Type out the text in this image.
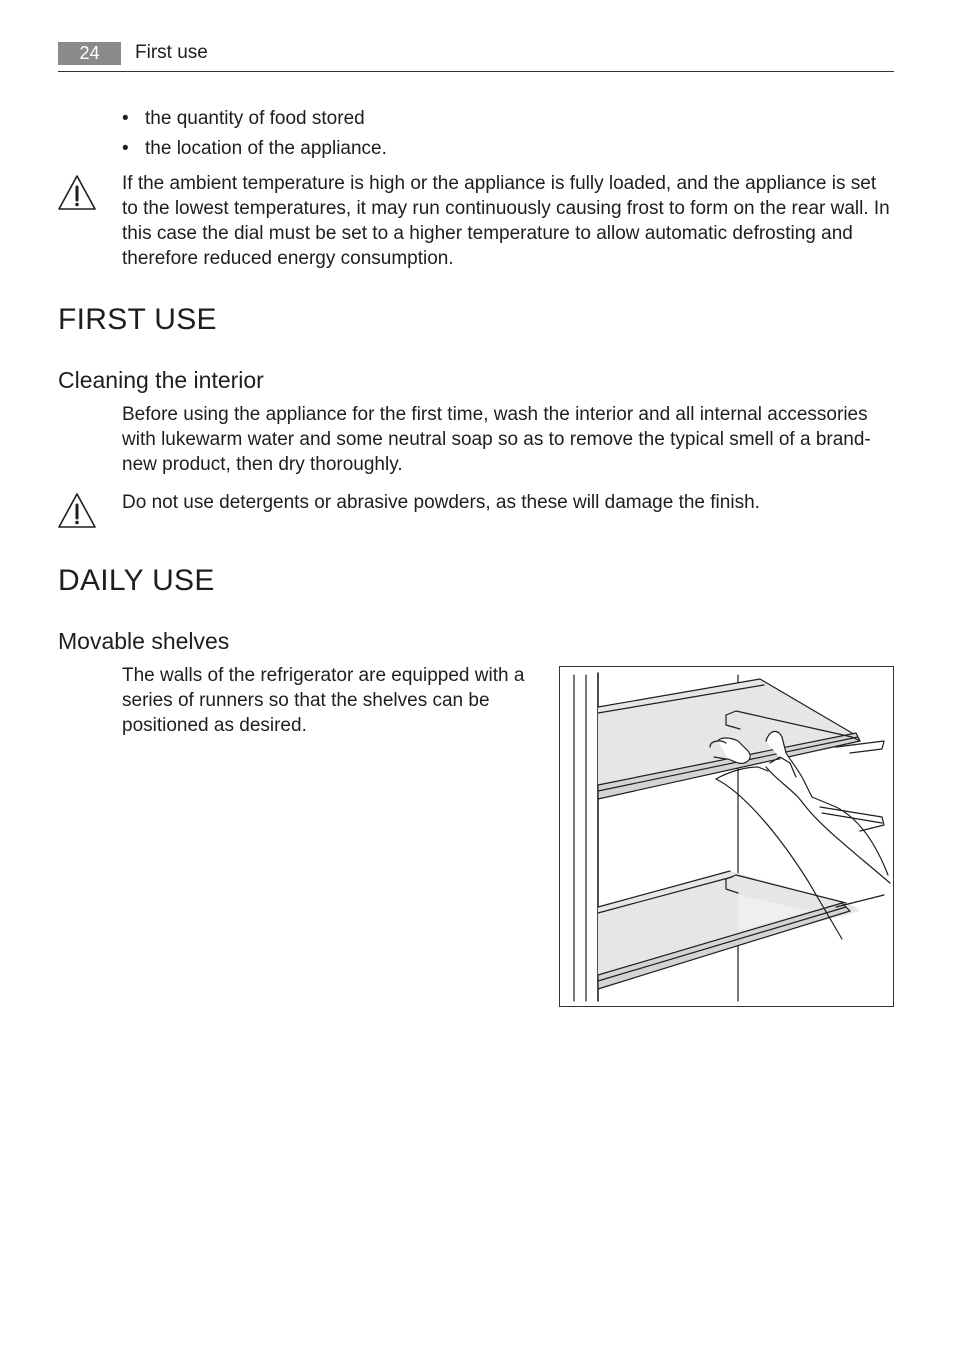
24	First use
• the quantity of food stored
• the location of the appliance.

If the ambient temperature is high or the appliance is fully loaded, and the appliance is set to the lowest temperatures, it may run continuously causing frost to form on the rear wall. In this case the dial must be set to a higher temperature to allow automatic defrosting and therefore reduced energy consumption.

FIRST USE
Cleaning the interior

Before using the appliance for the first time, wash the interior and all internal accessories with lukewarm water and some neutral soap so as to remove the typical smell of a brand-new product, then dry thoroughly.

Do not use detergents or abrasive powders, as these will damage the finish.

DAILY USE
Movable shelves

The walls of the refrigerator are equipped with a series of runners so that the shelves can be positioned as desired.
